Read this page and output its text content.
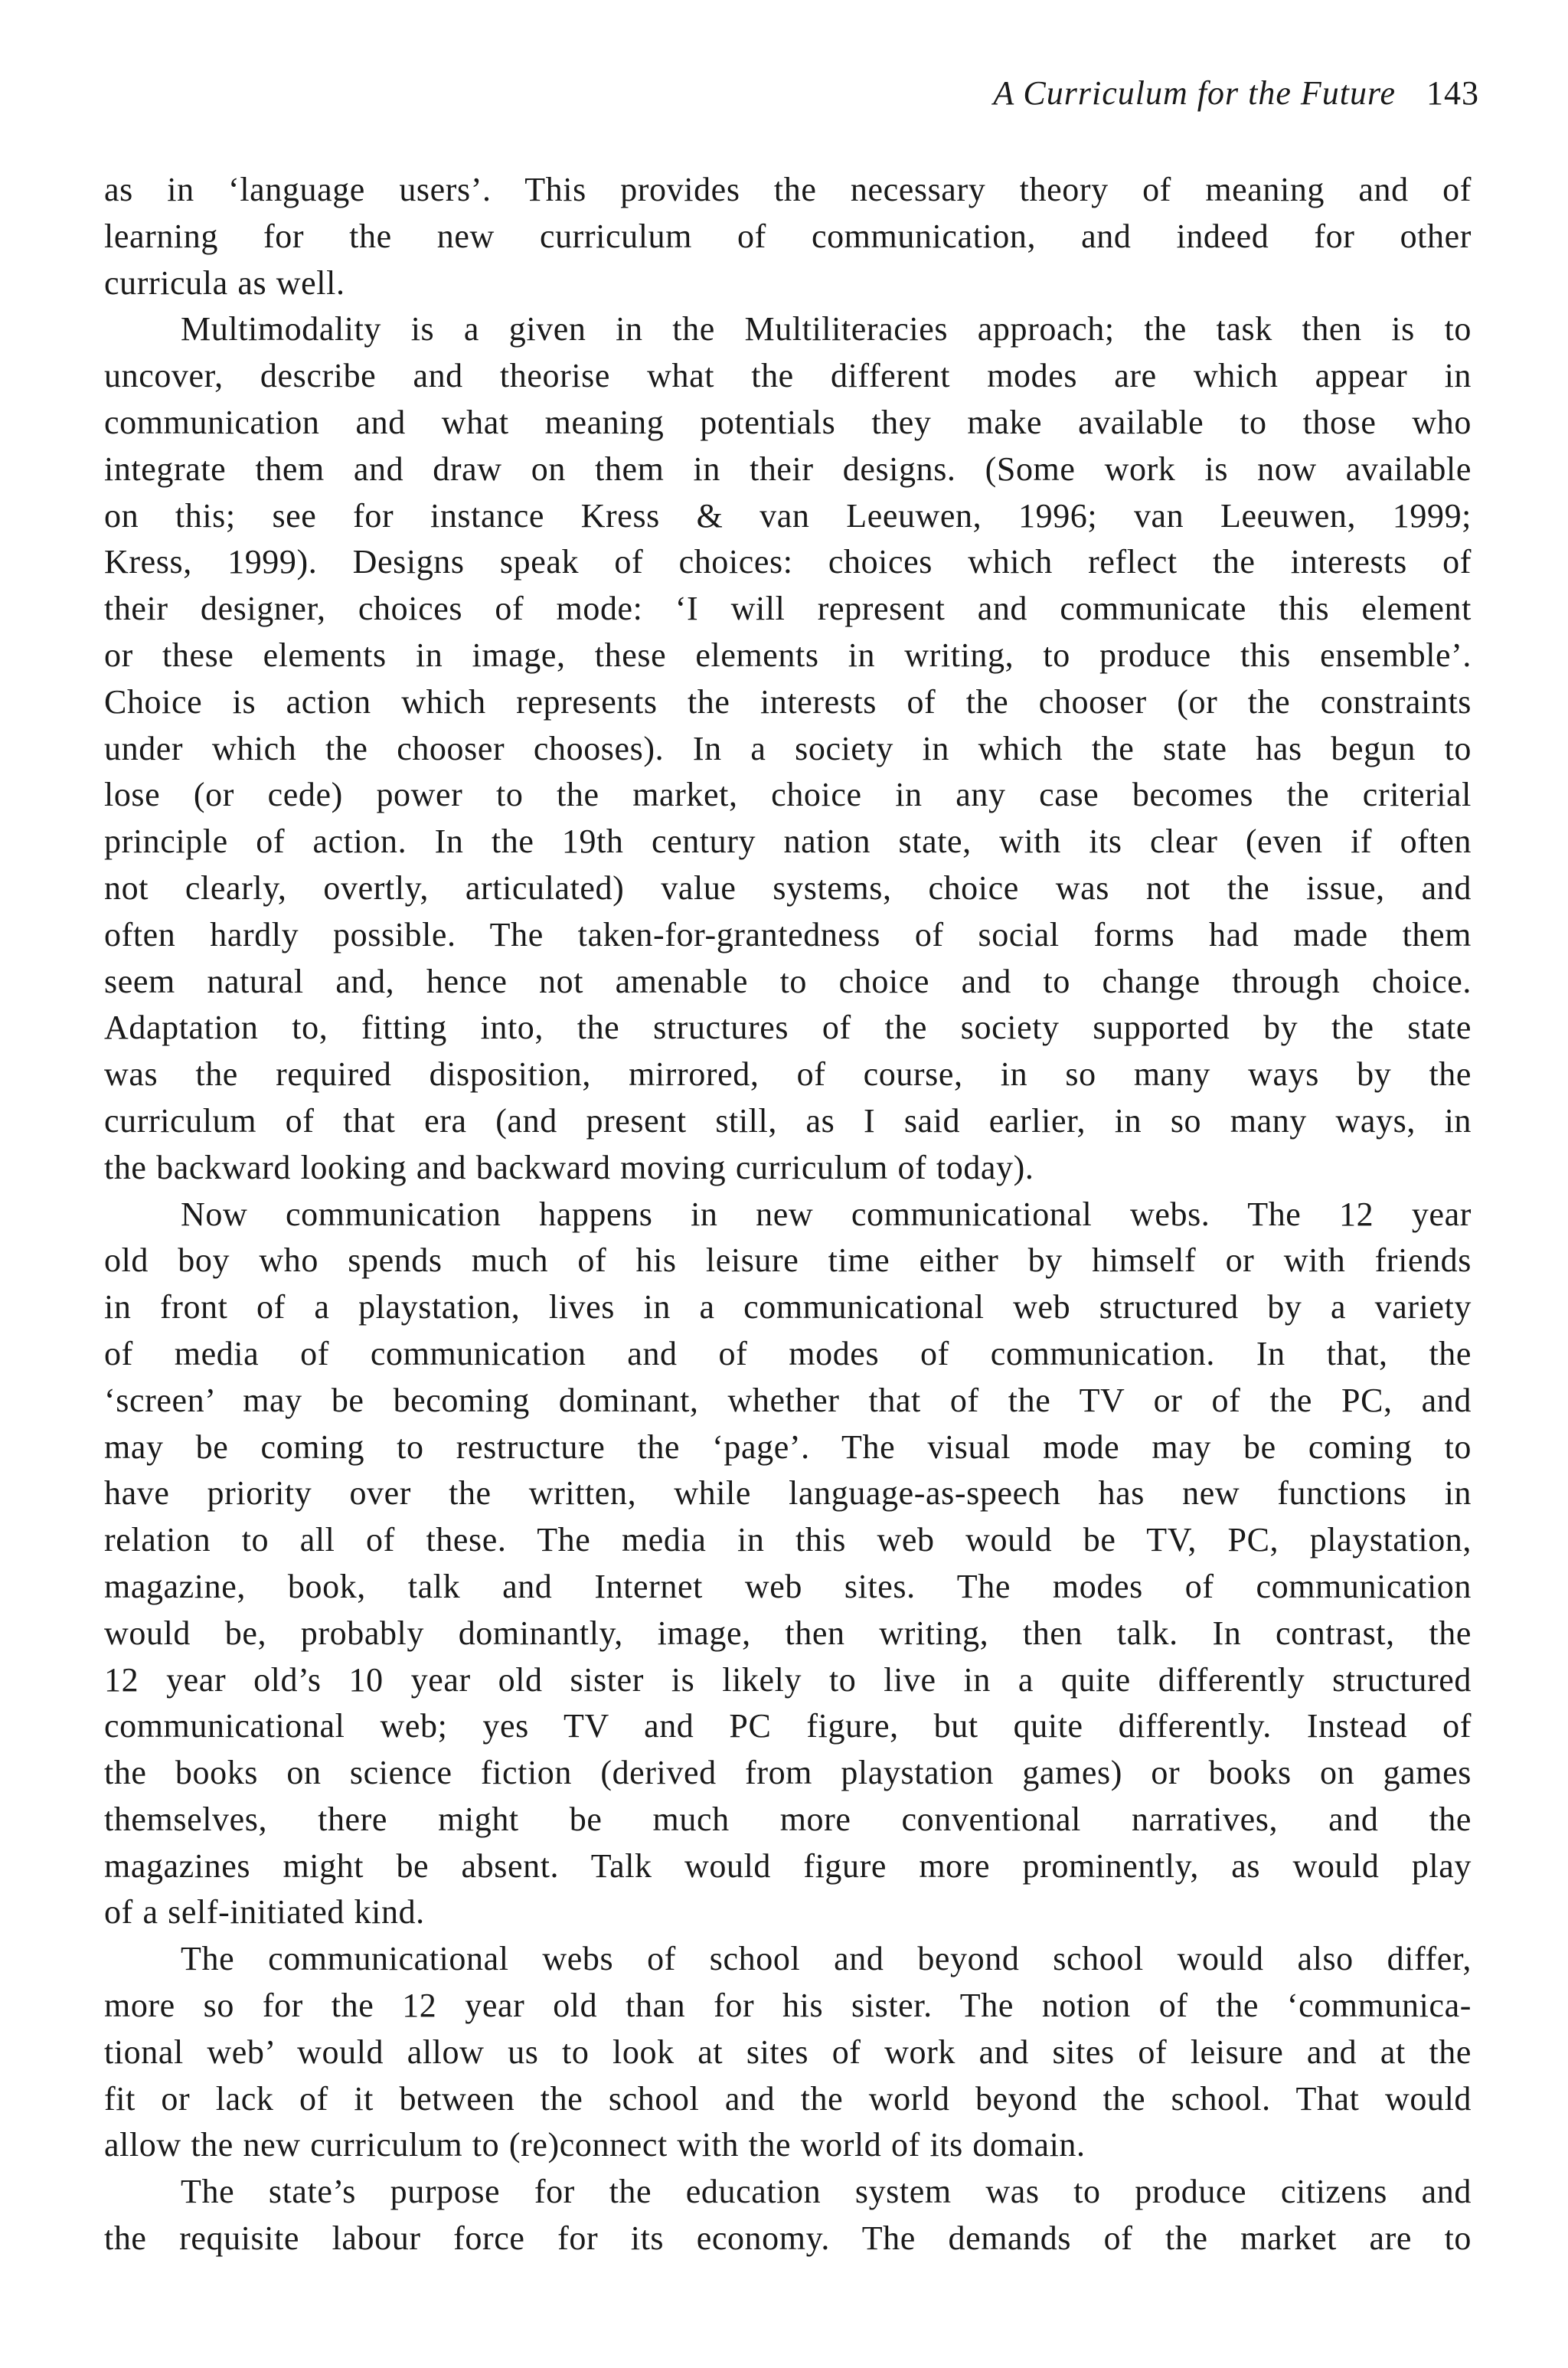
A Curriculum for the Future 143

as in ‘language users’. This provides the necessary theory of meaning and of

learning for the new curriculum of communication, and indeed for other

curricula as well.

Multimodality is a given in the Multiliteracies approach; the task then is to

uncover, describe and theorise what the different modes are which appear in

communication and what meaning potentials they make available to those who

integrate them and draw on them in their designs. (Some work is now available

on this; see for instance Kress & van Leeuwen, 1996; van Leeuwen, 1999;

Kress, 1999). Designs speak of choices: choices which reflect the interests of

their designer, choices of mode: ‘I will represent and communicate this element

or these elements in image, these elements in writing, to produce this ensemble’.

Choice is action which represents the interests of the chooser (or the constraints

under which the chooser chooses). In a society in which the state has begun to

lose (or cede) power to the market, choice in any case becomes the criterial

principle of action. In the 19th century nation state, with its clear (even if often

not clearly, overtly, articulated) value systems, choice was not the issue, and

often hardly possible. The taken-for-grantedness of social forms had made them

seem natural and, hence not amenable to choice and to change through choice.

Adaptation to, fitting into, the structures of the society supported by the state

was the required disposition, mirrored, of course, in so many ways by the

curriculum of that era (and present still, as I said earlier, in so many ways, in

the backward looking and backward moving curriculum of today).

Now communication happens in new communicational webs. The 12 year

old boy who spends much of his leisure time either by himself or with friends

in front of a playstation, lives in a communicational web structured by a variety

of media of communication and of modes of communication. In that, the

‘screen’ may be becoming dominant, whether that of the TV or of the PC, and

may be coming to restructure the ‘page’. The visual mode may be coming to

have priority over the written, while language-as-speech has new functions in

relation to all of these. The media in this web would be TV, PC, playstation,

magazine, book, talk and Internet web sites. The modes of communication

would be, probably dominantly, image, then writing, then talk. In contrast, the

12 year old’s 10 year old sister is likely to live in a quite differently structured

communicational web; yes TV and PC figure, but quite differently. Instead of

the books on science fiction (derived from playstation games) or books on games

themselves, there might be much more conventional narratives, and the

magazines might be absent. Talk would figure more prominently, as would play

of a self-initiated kind.

The communicational webs of school and beyond school would also differ,

more so for the 12 year old than for his sister. The notion of the ‘communica-

tional web’ would allow us to look at sites of work and sites of leisure and at the

fit or lack of it between the school and the world beyond the school. That would

allow the new curriculum to (re)connect with the world of its domain.

The state’s purpose for the education system was to produce citizens and

the requisite labour force for its economy. The demands of the market are to
